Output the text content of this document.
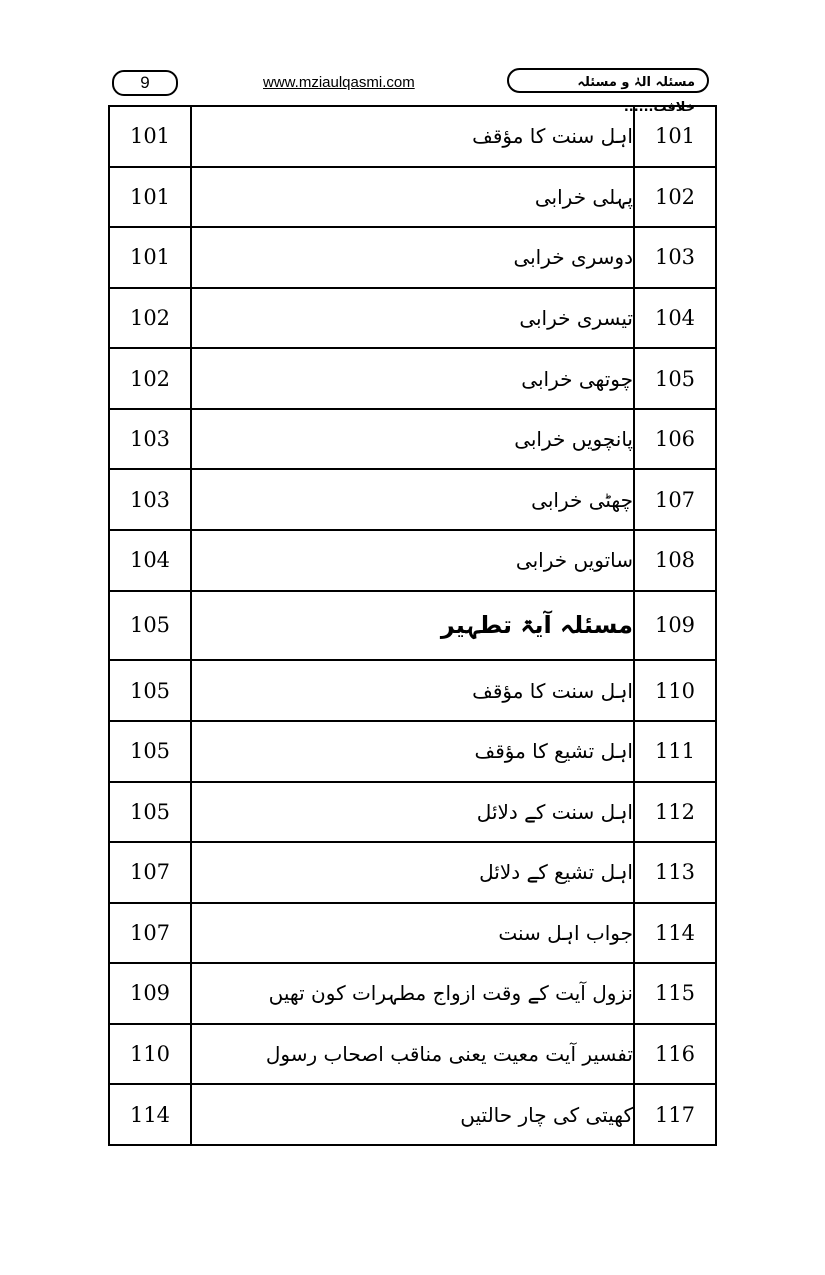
9	www.mziaulqasmi.com	مسئلہ الہٰ و مسئلہ خلافت......
101	اہل سنت کا مؤقف	101
101	پہلی خرابی	102
101	دوسری خرابی	103
102	تیسری خرابی	104
102	چوتھی خرابی	105
103	پانچویں خرابی	106
103	چھٹی خرابی	107
104	ساتویں خرابی	108
105	مسئلہ آیۃ تطہیر	109
105	اہل سنت کا مؤقف	110
105	اہل تشیع کا مؤقف	111
105	اہل سنت کے دلائل	112
107	اہل تشیع کے دلائل	113
107	جواب اہل سنت	114
109	نزول آیت کے وقت ازواج مطہرات کون تھیں	115
110	تفسیر آیت معیت یعنی مناقب اصحاب رسول	116
114	کھیتی کی چار حالتیں	117
